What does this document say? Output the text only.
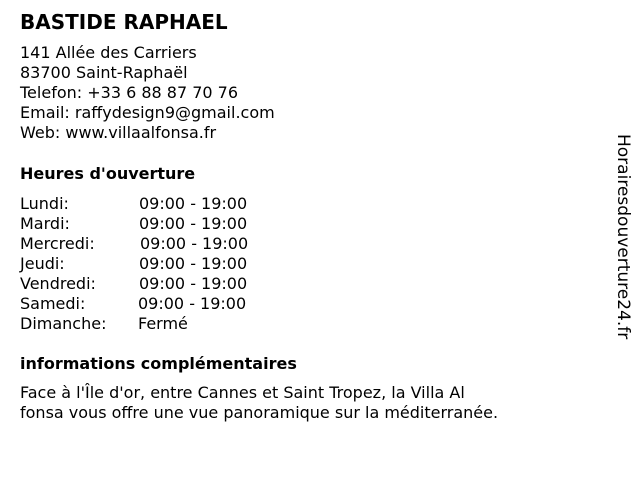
BASTIDE RAPHAEL
141 Allée des Carriers
83700 Saint-Raphaël
Telefon: +33 6 88 87 70 76
Email: raffydesign9@gmail.com
Web: www.villaalfonsa.fr
Heures d'ouverture
Lundi:	09:00 - 19:00
Mardi:	09:00 - 19:00
Mercredi:	09:00 - 19:00
Jeudi:	09:00 - 19:00
Vendredi:	09:00 - 19:00
Samedi:	09:00 - 19:00
Dimanche: Fermé
informations complémentaires
Face à l'Île d'or, entre Cannes et Saint Tropez, la Villa Al
fonsa vous offre une vue panoramique sur la méditerranée.
Horairesdouverture24.fr
